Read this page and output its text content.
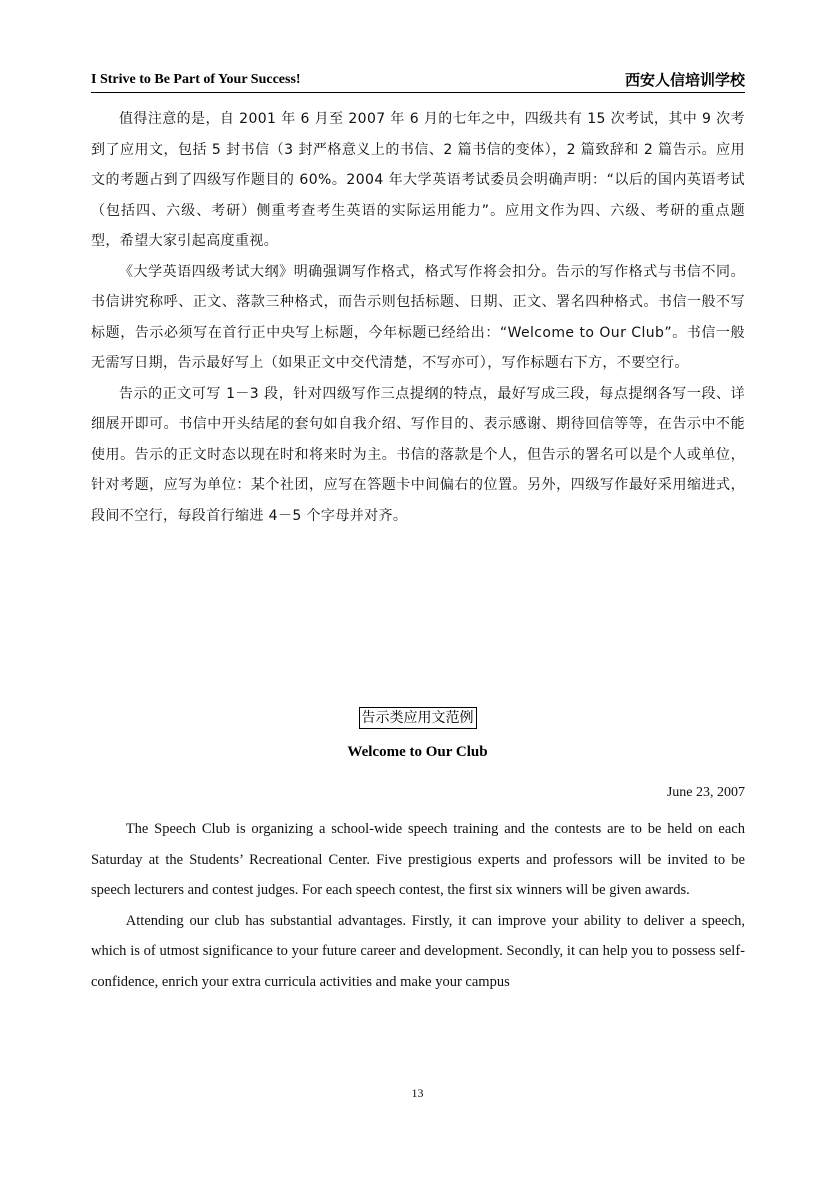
I Strive to Be Part of Your Success!	西安人信培训学校

值得注意的是，自 2001 年 6 月至 2007 年 6 月的七年之中，四级共有 15 次考试，其中 9 次考到了应用文，包括 5 封书信（3 封严格意义上的书信、2 篇书信的变体），2 篇致辞和 2 篇告示。应用文的考题占到了四级写作题目的 60%。2004 年大学英语考试委员会明确声明：“以后的国内英语考试（包括四、六级、考研）侧重考查考生英语的实际运用能力”。应用文作为四、六级、考研的重点题型，希望大家引起高度重视。

《大学英语四级考试大纲》明确强调写作格式，格式写作将会扣分。告示的写作格式与书信不同。书信讲究称呼、正文、落款三种格式，而告示则包括标题、日期、正文、署名四种格式。书信一般不写标题，告示必须写在首行正中央写上标题，今年标题已经给出：“Welcome to Our Club”。书信一般无需写日期，告示最好写上（如果正文中交代清楚，不写亦可），写作标题右下方，不要空行。

告示的正文可写 1－3 段，针对四级写作三点提纲的特点，最好写成三段，每点提纲各写一段、详细展开即可。书信中开头结尾的套句如自我介绍、写作目的、表示感谢、期待回信等等，在告示中不能使用。告示的正文时态以现在时和将来时为主。书信的落款是个人，但告示的署名可以是个人或单位，针对考题，应写为单位：某个社团，应写在答题卡中间偏右的位置。另外，四级写作最好采用缩进式，段间不空行，每段首行缩进 4－5 个字母并对齐。

告示类应用文范例
Welcome to Our Club
June 23, 2007

The Speech Club is organizing a school-wide speech training and the contests are to be held on each Saturday at the Students’ Recreational Center. Five prestigious experts and professors will be invited to be speech lecturers and contest judges. For each speech contest, the first six winners will be given awards.

Attending our club has substantial advantages. Firstly, it can improve your ability to deliver a speech, which is of utmost significance to your future career and development. Secondly, it can help you to possess self-confidence, enrich your extra curricula activities and make your campus

13
